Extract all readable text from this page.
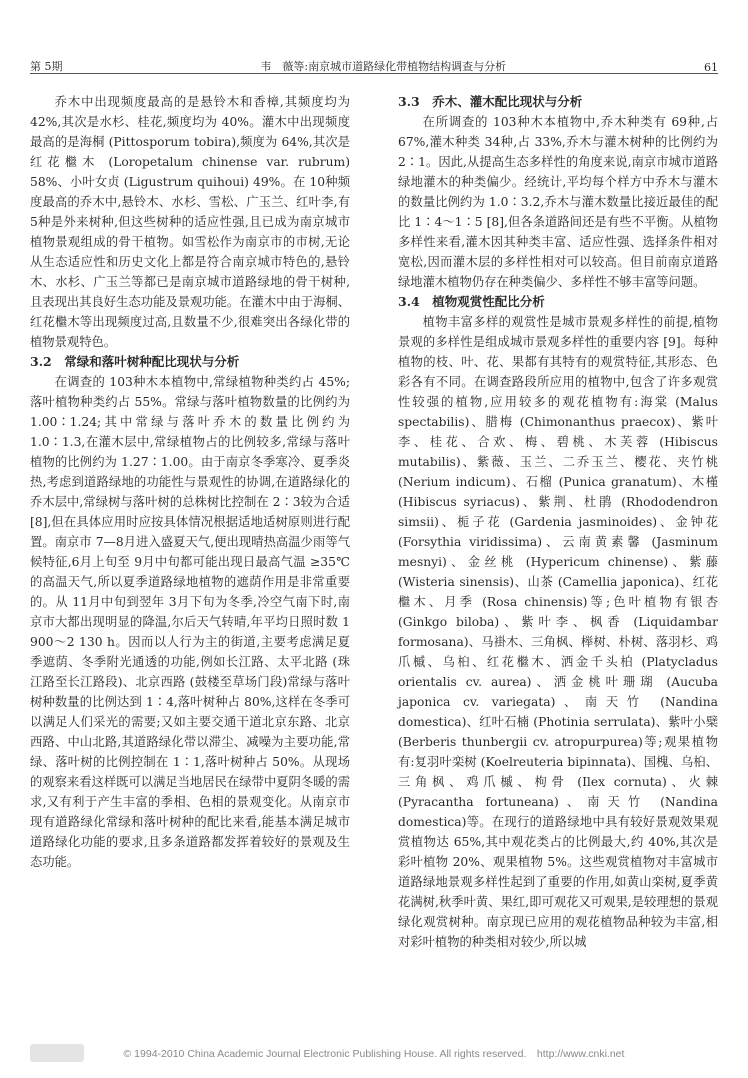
第 5期	韦　薇等:南京城市道路绿化带植物结构调查与分析	61

乔木中出现频度最高的是悬铃木和香樟,其频度均为 42%,其次是水杉、桂花,频度均为 40%。灌木中出现频度最高的是海桐 (Pittosporum tobira),频度为 64%,其次是红花檵木 (Loropetalum chinense var. rubrum) 58%、小叶女贞 (Ligustrum quihoui) 49%。在 10种频度最高的乔木中,悬铃木、水杉、雪松、广玉兰、红叶李,有 5种是外来树种,但这些树种的适应性强,且已成为南京城市植物景观组成的骨干植物。如雪松作为南京市的市树,无论从生态适应性和历史文化上都是符合南京城市特色的,悬铃木、水杉、广玉兰等都已是南京城市道路绿地的骨干树种,且表现出其良好生态功能及景观功能。在灌木中由于海桐、红花檵木等出现频度过高,且数量不少,很难突出各绿化带的植物景观特色。

3.2　常绿和落叶树种配比现状与分析

在调查的 103种木本植物中,常绿植物种类约占 45%;落叶植物种类约占 55%。常绿与落叶植物数量的比例约为 1.00∶1.24;其中常绿与落叶乔木的数量比例约为 1.0∶1.3,在灌木层中,常绿植物占的比例较多,常绿与落叶植物的比例约为 1.27∶1.00。由于南京冬季寒冷、夏季炎热,考虑到道路绿地的功能性与景观性的协调,在道路绿化的乔木层中,常绿树与落叶树的总株树比控制在 2∶3较为合适 [8],但在具体应用时应按具体情况根据适地适树原则进行配置。南京市 7—8月进入盛夏天气,便出现晴热高温少雨等气候特征,6月上旬至 9月中旬都可能出现日最高气温 ≥35℃的高温天气,所以夏季道路绿地植物的遮荫作用是非常重要的。从 11月中旬到翌年 3月下旬为冬季,冷空气南下时,南京市大都出现明显的降温,尔后天气转晴,年平均日照时数 1 900～2 130 h。因而以人行为主的街道,主要考虑满足夏季遮荫、冬季附光通透的功能,例如长江路、太平北路 (珠江路至长江路段)、北京西路 (鼓楼至草场门段)常绿与落叶树种数量的比例达到 1∶4,落叶树种占 80%,这样在冬季可以满足人们采光的需要;又如主要交通干道北京东路、北京西路、中山北路,其道路绿化带以滞尘、减噪为主要功能,常绿、落叶树的比例控制在 1∶1,落叶树种占 50%。从现场的观察来看这样既可以满足当地居民在绿带中夏阴冬暖的需求,又有利于产生丰富的季相、色相的景观变化。从南京市现有道路绿化常绿和落叶树种的配比来看,能基本满足城市道路绿化功能的要求,且多条道路都发挥着较好的景观及生态功能。

3.3　乔木、灌木配比现状与分析

在所调查的 103种木本植物中,乔木种类有 69种,占 67%,灌木种类 34种,占 33%,乔木与灌木树种的比例约为 2∶1。因此,从提高生态多样性的角度来说,南京市城市道路绿地灌木的种类偏少。经统计,平均每个样方中乔木与灌木的数量比例约为 1.0∶3.2,乔木与灌木数量比接近最佳的配比 1∶4～1∶5 [8],但各条道路间还是有些不平衡。从植物多样性来看,灌木因其种类丰富、适应性强、选择条件相对宽松,因而灌木层的多样性相对可以较高。但目前南京道路绿地灌木植物仍存在种类偏少、多样性不够丰富等问题。

3.4　植物观赏性配比分析

植物丰富多样的观赏性是城市景观多样性的前提,植物景观的多样性是组成城市景观多样性的重要内容 [9]。每种植物的枝、叶、花、果都有其特有的观赏特征,其形态、色彩各有不同。在调查路段所应用的植物中,包含了许多观赏性较强的植物,应用较多的观花植物有:海棠 (Malus spectabilis)、腊梅 (Chimonanthus praecox)、紫叶李、桂花、合欢、梅、碧桃、木芙蓉 (Hibiscus mutabilis)、紫薇、玉兰、二乔玉兰、樱花、夹竹桃 (Nerium indicum)、石榴 (Punica granatum)、木槿 (Hibiscus syriacus)、紫荆、杜鹃 (Rhododendron simsii)、栀子花 (Gardenia jasminoides)、金钟花 (Forsythia viridissima)、云南黄素馨 (Jasminum mesnyi)、金丝桃 (Hypericum chinense)、紫藤 (Wisteria sinensis)、山茶 (Camellia japonica)、红花檵木、月季 (Rosa chinensis)等;色叶植物有银杏 (Ginkgo biloba)、紫叶李、枫香 (Liquidambar formosana)、马褂木、三角枫、榉树、朴树、落羽杉、鸡爪槭、乌桕、红花檵木、洒金千头柏 (Platycladus orientalis cv. aurea)、洒金桃叶珊瑚 (Aucuba japonica cv. variegata)、南天竹 (Nandina domestica)、红叶石楠 (Photinia serrulata)、紫叶小檗 (Berberis thunbergii cv. atropurpurea)等;观果植物有:复羽叶栾树 (Koelreuteria bipinnata)、国槐、乌桕、三角枫、鸡爪槭、枸骨 (Ilex cornuta)、火棘 (Pyracantha fortuneana)、南天竹 (Nandina domestica)等。在现行的道路绿地中具有较好景观效果观赏植物达 65%,其中观花类占的比例最大,约 40%,其次是彩叶植物 20%、观果植物 5%。这些观赏植物对丰富城市道路绿地景观多样性起到了重要的作用,如黄山栾树,夏季黄花满树,秋季叶黄、果红,即可观花又可观果,是较理想的景观绿化观赏树种。南京现已应用的观花植物品种较为丰富,相对彩叶植物的种类相对较少,所以城

© 1994-2010 China Academic Journal Electronic Publishing House. All rights reserved.　http://www.cnki.net
